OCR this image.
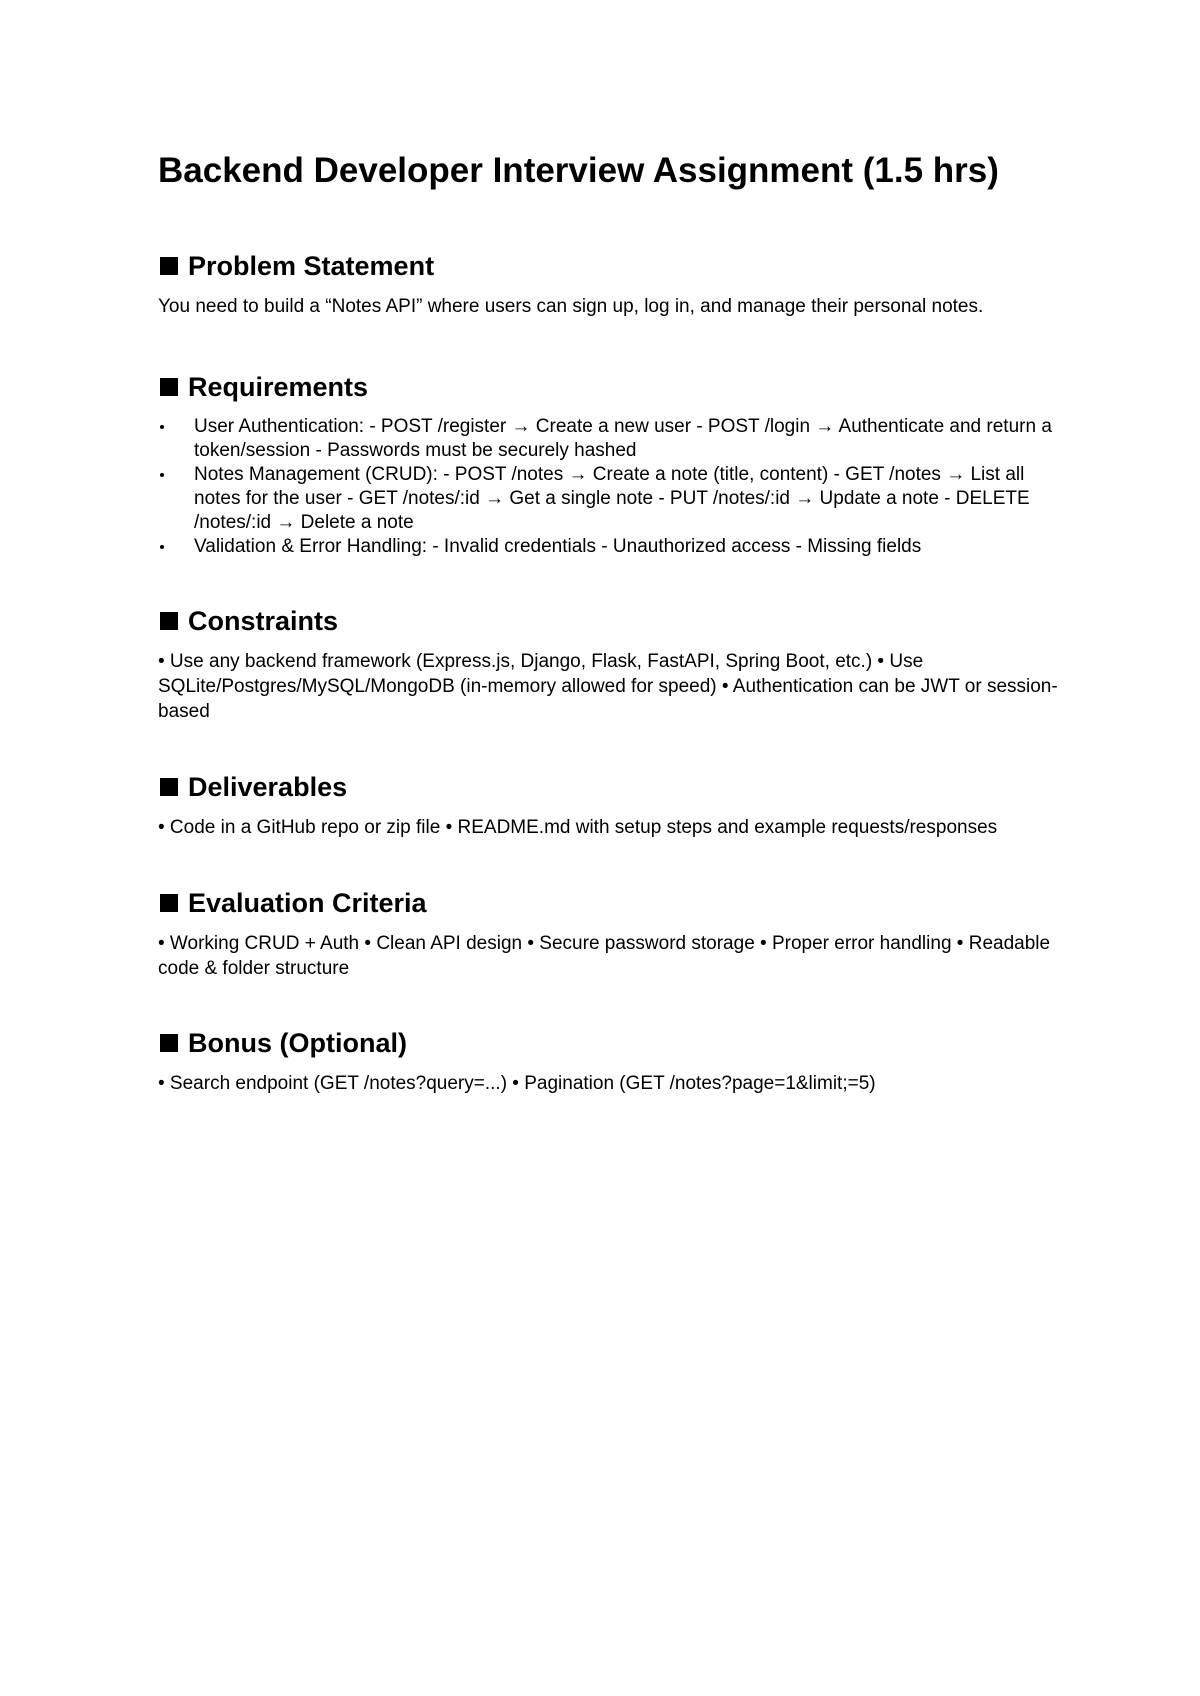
Backend Developer Interview Assignment (1.5 hrs)
Problem Statement

You need to build a “Notes API” where users can sign up, log in, and manage their personal notes.

Requirements
User Authentication: - POST /register → Create a new user - POST /login → Authenticate and return a token/session - Passwords must be securely hashed
Notes Management (CRUD): - POST /notes → Create a note (title, content) - GET /notes → List all notes for the user - GET /notes/:id → Get a single note - PUT /notes/:id → Update a note - DELETE /notes/:id → Delete a note
Validation & Error Handling: - Invalid credentials - Unauthorized access - Missing fields
Constraints

• Use any backend framework (Express.js, Django, Flask, FastAPI, Spring Boot, etc.) • Use SQLite/Postgres/MySQL/MongoDB (in-memory allowed for speed) • Authentication can be JWT or session-based

Deliverables

• Code in a GitHub repo or zip file • README.md with setup steps and example requests/responses

Evaluation Criteria

• Working CRUD + Auth • Clean API design • Secure password storage • Proper error handling • Readable code & folder structure

Bonus (Optional)

• Search endpoint (GET /notes?query=...) • Pagination (GET /notes?page=1&limit;=5)
